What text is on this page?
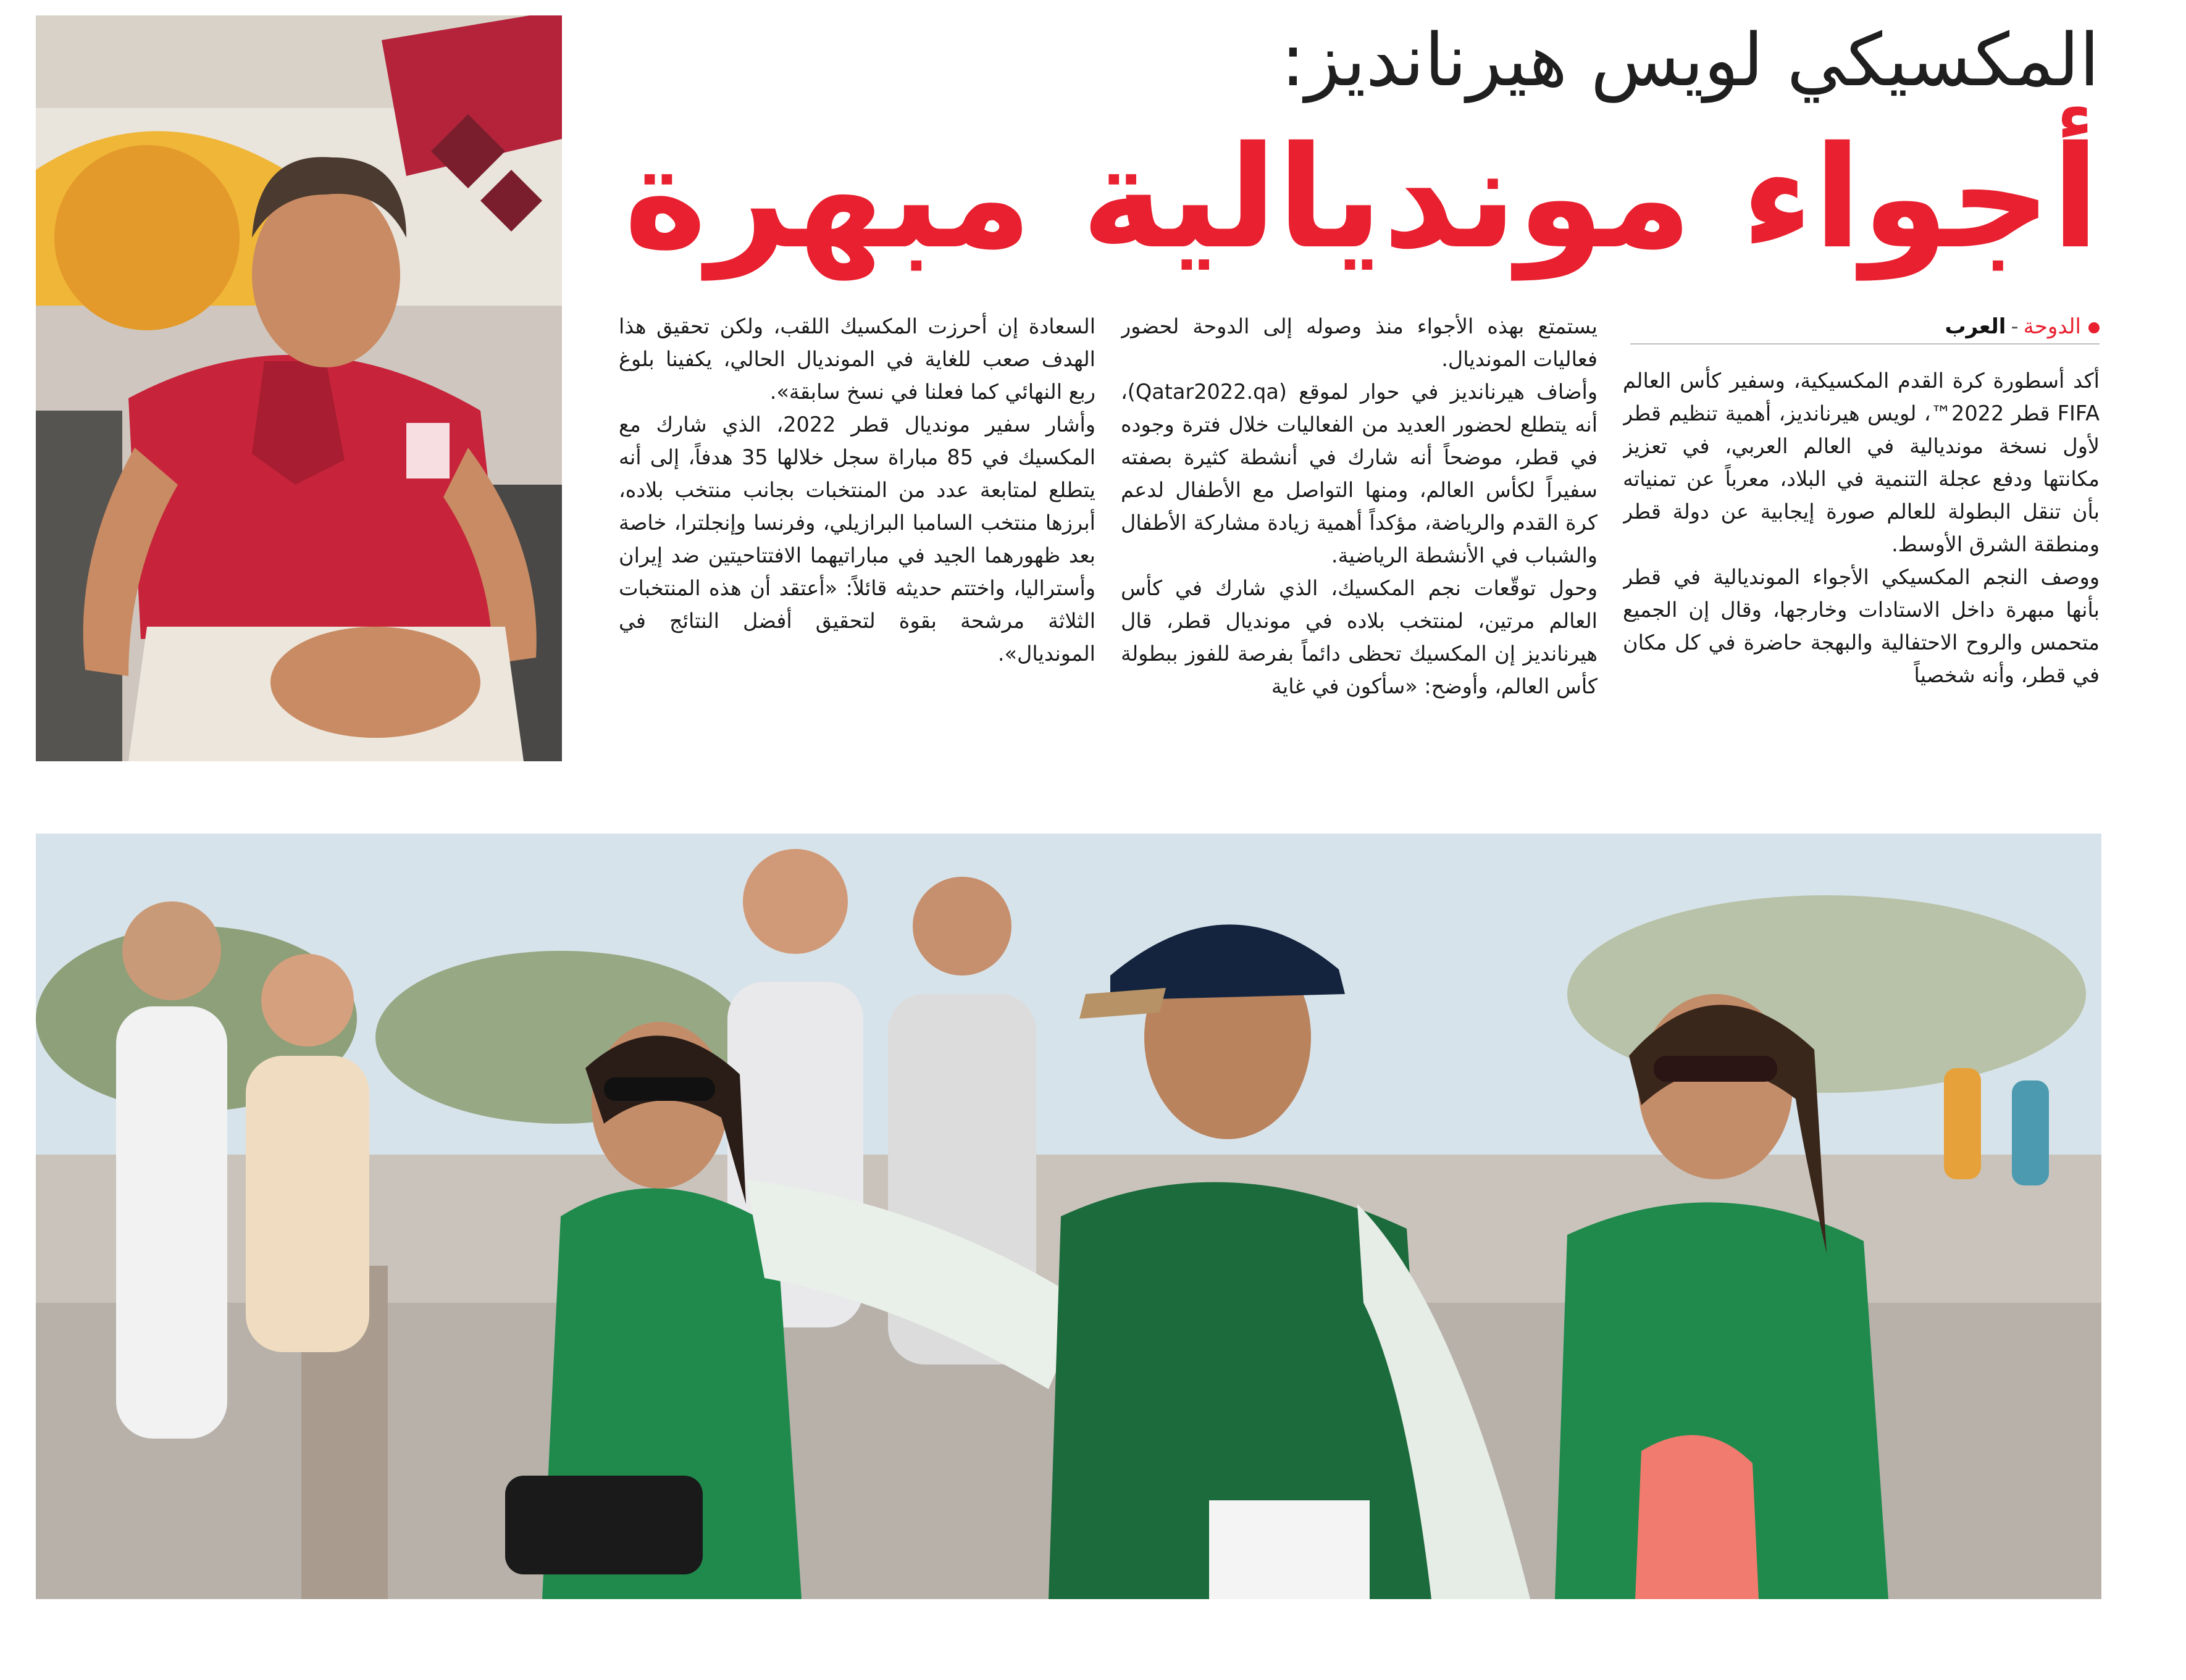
المكسيكي لويس هيرنانديز:
أجواء مونديالية مبهرة
الدوحة-العرب

أكد أسطورة كرة القدم المكسيكية، وسفير كأس العالم FIFA قطر 2022™، لويس هيرنانديز، أهمية تنظيم قطر لأول نسخة مونديالية في العالم العربي، في تعزيز مكانتها ودفع عجلة التنمية في البلاد، معرباً عن تمنياته بأن تنقل البطولة للعالم صورة إيجابية عن دولة قطر ومنطقة الشرق الأوسط.

ووصف النجم المكسيكي الأجواء المونديالية في قطر بأنها مبهرة داخل الاستادات وخارجها، وقال إن الجميع متحمس والروح الاحتفالية والبهجة حاضرة في كل مكان في قطر، وأنه شخصياً

يستمتع بهذه الأجواء منذ وصوله إلى الدوحة لحضور فعاليات المونديال.

وأضاف هيرنانديز في حوار لموقع (Qatar2022.qa)، أنه يتطلع لحضور العديد من الفعاليات خلال فترة وجوده في قطر، موضحاً أنه شارك في أنشطة كثيرة بصفته سفيراً لكأس العالم، ومنها التواصل مع الأطفال لدعم كرة القدم والرياضة، مؤكداً أهمية زيادة مشاركة الأطفال والشباب في الأنشطة الرياضية.

وحول توقّعات نجم المكسيك، الذي شارك في كأس العالم مرتين، لمنتخب بلاده في مونديال قطر، قال هيرنانديز إن المكسيك تحظى دائماً بفرصة للفوز ببطولة كأس العالم، وأوضح: «سأكون في غاية

السعادة إن أحرزت المكسيك اللقب، ولكن تحقيق هذا الهدف صعب للغاية في المونديال الحالي، يكفينا بلوغ ربع النهائي كما فعلنا في نسخ سابقة».

وأشار سفير مونديال قطر 2022، الذي شارك مع المكسيك في 85 مباراة سجل خلالها 35 هدفاً، إلى أنه يتطلع لمتابعة عدد من المنتخبات بجانب منتخب بلاده، أبرزها منتخب السامبا البرازيلي، وفرنسا وإنجلترا، خاصة بعد ظهورهما الجيد في مباراتيهما الافتتاحيتين ضد إيران وأستراليا، واختتم حديثه قائلاً: «أعتقد أن هذه المنتخبات الثلاثة مرشحة بقوة لتحقيق أفضل النتائج في المونديال».
